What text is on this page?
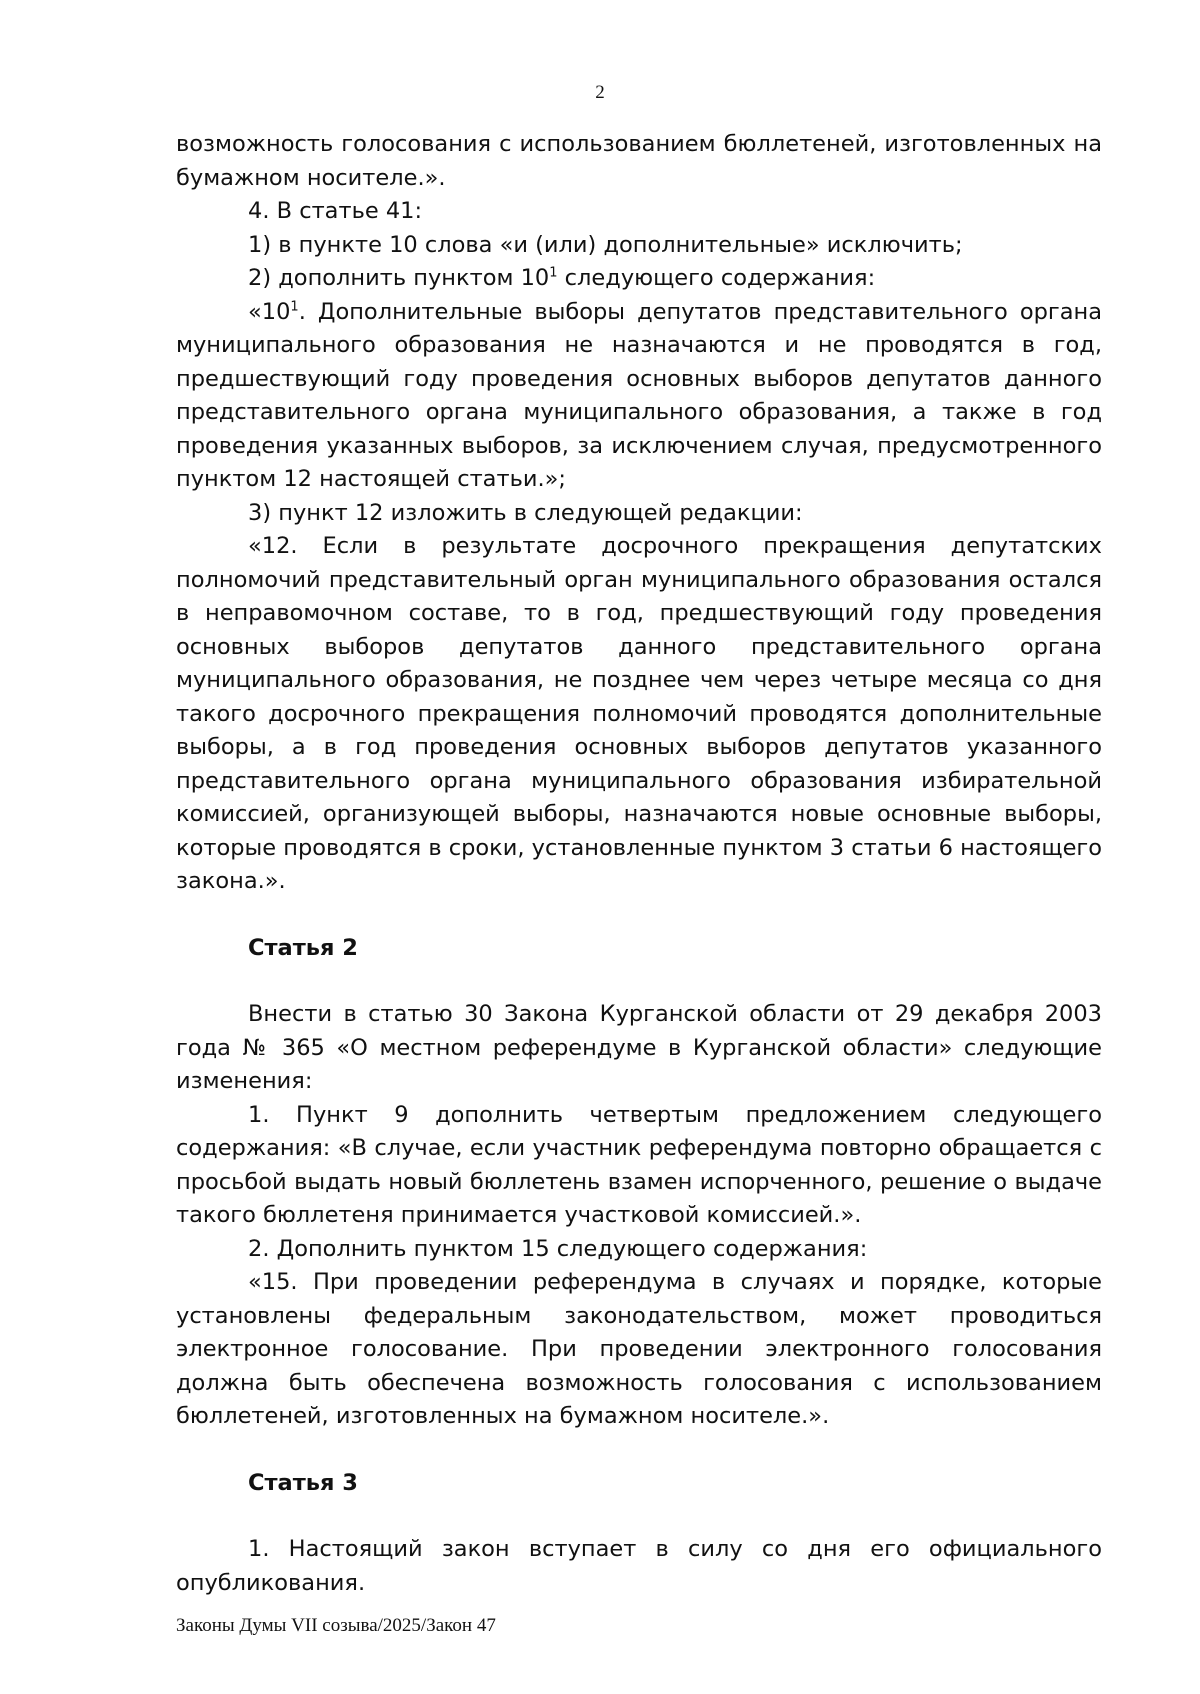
2

возможность голосования с использованием бюллетеней, изготовленных на бумажном носителе.».

4. В статье 41:

1) в пункте 10 слова «и (или) дополнительные» исключить;

2) дополнить пунктом $10^1$ следующего содержания:

«$10^1$. Дополнительные выборы депутатов представительного органа муниципального образования не назначаются и не проводятся в год, предшествующий году проведения основных выборов депутатов данного представительного органа муниципального образования, а также в год проведения указанных выборов, за исключением случая, предусмотренного пунктом 12 настоящей статьи.»;

3) пункт 12 изложить в следующей редакции:

«12. Если в результате досрочного прекращения депутатских полномочий представительный орган муниципального образования остался в неправомочном составе, то в год, предшествующий году проведения основных выборов депутатов данного представительного органа муниципального образования, не позднее чем через четыре месяца со дня такого досрочного прекращения полномочий проводятся дополнительные выборы, а в год проведения основных выборов депутатов указанного представительного органа муниципального образования избирательной комиссией, организующей выборы, назначаются новые основные выборы, которые проводятся в сроки, установленные пунктом 3 статьи 6 настоящего закона.».

Статья 2

Внести в статью 30 Закона Курганской области от 29 декабря 2003 года № 365 «О местном референдуме в Курганской области» следующие изменения:

1. Пункт 9 дополнить четвертым предложением следующего содержания: «В случае, если участник референдума повторно обращается с просьбой выдать новый бюллетень взамен испорченного, решение о выдаче такого бюллетеня принимается участковой комиссией.».

2. Дополнить пунктом 15 следующего содержания:

«15. При проведении референдума в случаях и порядке, которые установлены федеральным законодательством, может проводиться электронное голосование. При проведении электронного голосования должна быть обеспечена возможность голосования с использованием бюллетеней, изготовленных на бумажном носителе.».

Статья 3

1. Настоящий закон вступает в силу со дня его официального опубликования.

Законы Думы VII созыва/2025/Закон 47
